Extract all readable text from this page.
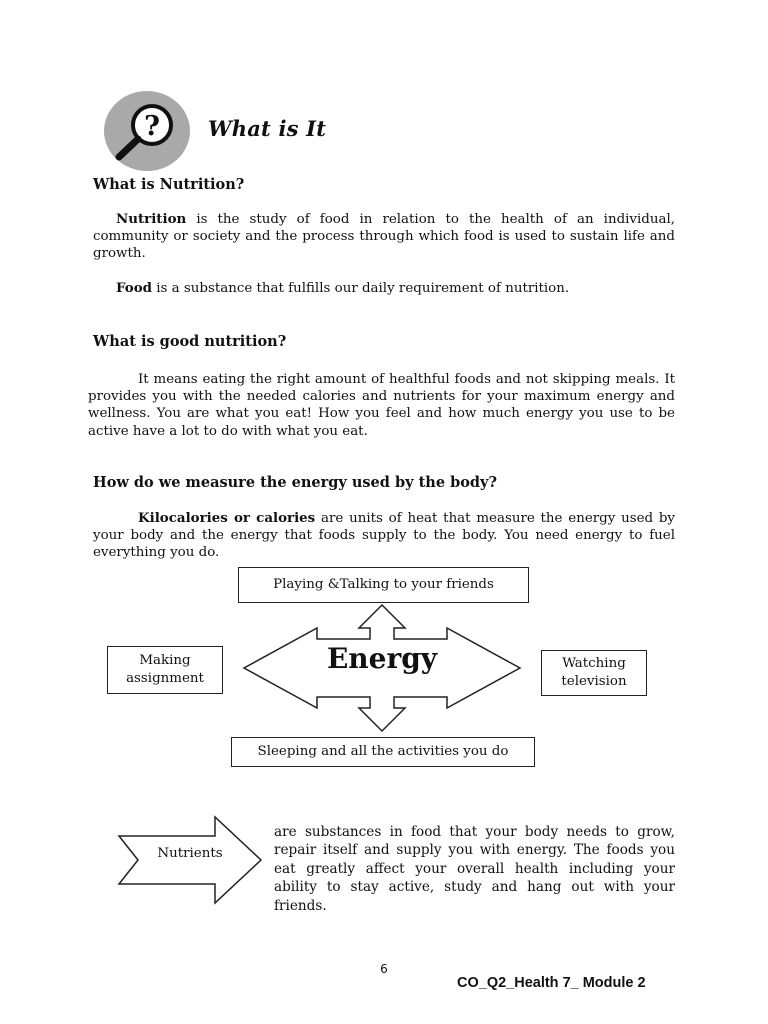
? What is It
What is Nutrition?

Nutrition is the study of food in relation to the health of an individual, community or society and the process through which food is used to sustain life and growth.

Food is a substance that fulfills our daily requirement of nutrition.

What is good nutrition?

It means eating the right amount of healthful foods and not skipping meals. It provides you with the needed calories and nutrients for your maximum energy and wellness. You are what you eat! How you feel and how much energy you use to be active have a lot to do with what you eat.

How do we measure the energy used by the body?

Kilocalories or calories are units of heat that measure the energy used by your body and the energy that foods supply to the body. You need energy to fuel everything you do.

Playing &Talking to your friends
Energy
Making assignment
Watching television
Sleeping and all the activities you do
Nutrients

are substances in food that your body needs to grow, repair itself and supply you with energy. The foods you eat greatly affect your overall health including your ability to stay active, study and hang out with your friends.

6
CO_Q2_Health 7_ Module 2
